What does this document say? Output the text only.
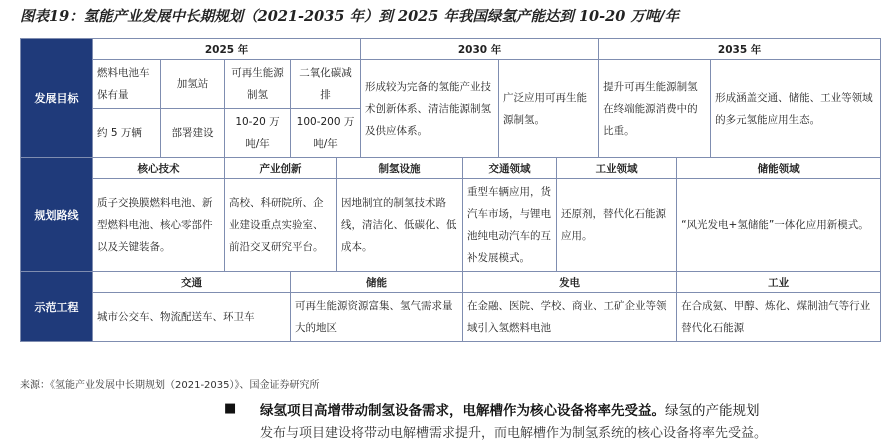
图表19：氢能产业发展中长期规划（2021-2035 年）到 2025 年我国绿氢产能达到 10-20 万吨/年
发展目标	2025 年					2030 年				2035 年		
	燃料电池车保有量	加氢站	可再生能源制氢	二氧化碳减排		形成较为完备的氢能产业技术创新体系、清洁能源制氢及供应体系。		广泛应用可再生能源制氢。		提升可再生能源制氢在终端能源消费中的比重。		形成涵盖交通、储能、工业等领域的多元氢能应用生态。
	约 5 万辆	部署建设	10-20 万吨/年	100-200 万吨/年								
规划路线	核心技术		产业创新		制氢设施		交通领域		工业领域		储能领域	
	质子交换膜燃料电池、新型燃料电池、核心零部件以及关键装备。		高校、科研院所、企业建设重点实验室、前沿交叉研究平台。		因地制宜的制氢技术路线，清洁化、低碳化、低成本。		重型车辆应用，货汽车市场，与锂电池纯电动汽车的互补发展模式。		还原剂，替代化石能源应用。		“风光发电+氢储能”一体化应用新模式。	
示范工程	交通			储能			发电				工业	
	城市公交车、物流配送车、环卫车			可再生能源资源富集、氢气需求量大的地区			在金融、医院、学校、商业、工矿企业等领域引入氢燃料电池				在合成氨、甲醇、炼化、煤制油气等行业替代化石能源	
来源：《氢能产业发展中长期规划（2021-2035）》、国金证券研究所
■ 绿氢项目高增带动制氢设备需求，电解槽作为核心设备将率先受益。绿氢的产能规划
发布与项目建设将带动电解槽需求提升，而电解槽作为制氢系统的核心设备将率先受益。
